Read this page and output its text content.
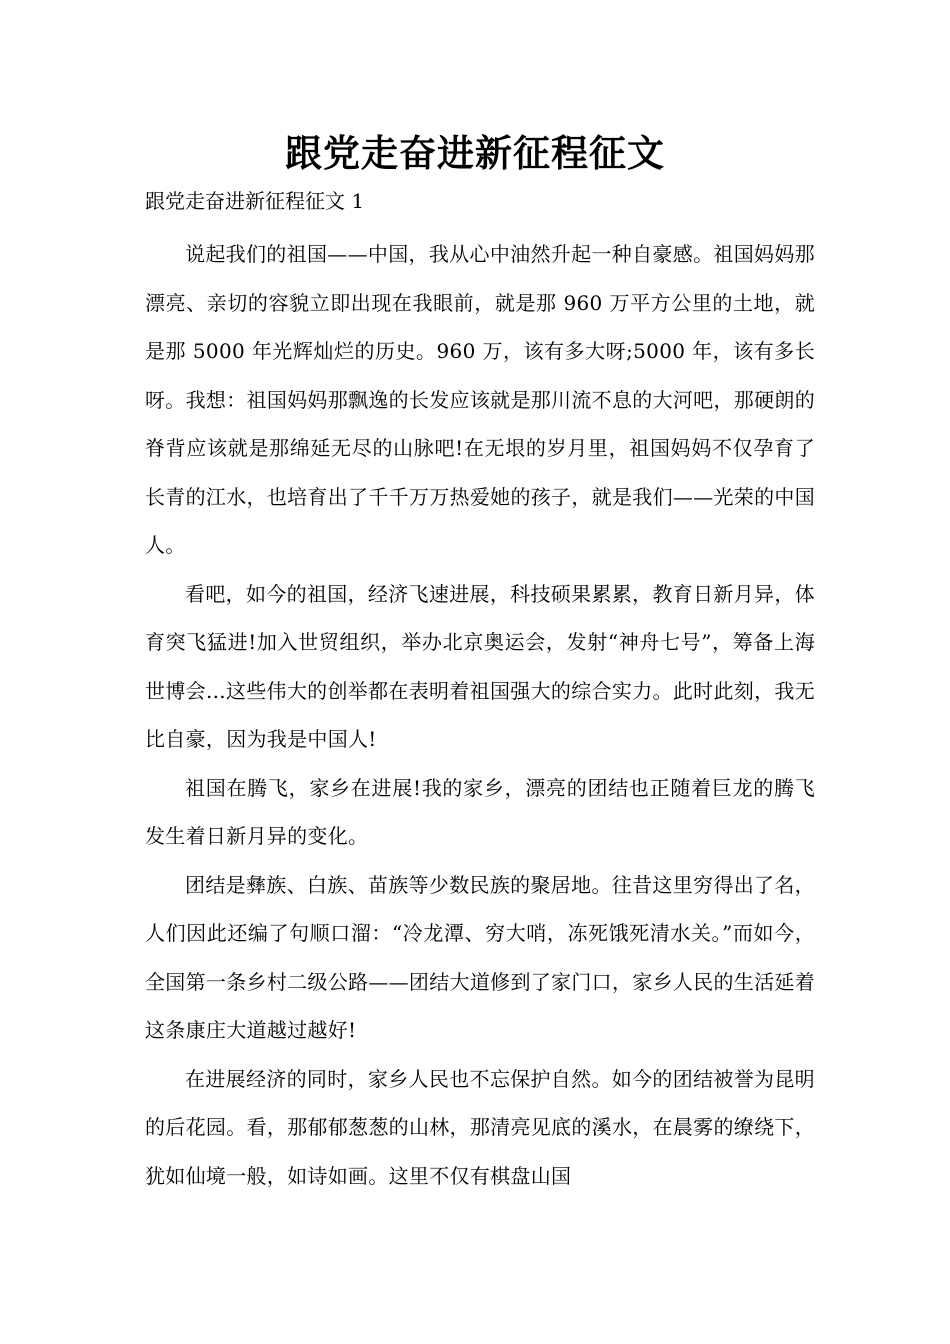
跟党走奋进新征程征文

跟党走奋进新征程征文 1

说起我们的祖国——中国，我从心中油然升起一种自豪感。祖国妈妈那漂亮、亲切的容貌立即出现在我眼前，就是那 960 万平方公里的土地，就是那 5000 年光辉灿烂的历史。960 万，该有多大呀;5000 年，该有多长呀。我想：祖国妈妈那飘逸的长发应该就是那川流不息的大河吧，那硬朗的脊背应该就是那绵延无尽的山脉吧!在无垠的岁月里，祖国妈妈不仅孕育了长青的江水，也培育出了千千万万热爱她的孩子，就是我们——光荣的中国人。

看吧，如今的祖国，经济飞速进展，科技硕果累累，教育日新月异，体育突飞猛进!加入世贸组织，举办北京奥运会，发射“神舟七号”，筹备上海世博会...这些伟大的创举都在表明着祖国强大的综合实力。此时此刻，我无比自豪，因为我是中国人!

祖国在腾飞，家乡在进展!我的家乡，漂亮的团结也正随着巨龙的腾飞发生着日新月异的变化。

团结是彝族、白族、苗族等少数民族的聚居地。往昔这里穷得出了名，人们因此还编了句顺口溜：“冷龙潭、穷大哨，冻死饿死清水关。”而如今，全国第一条乡村二级公路——团结大道修到了家门口，家乡人民的生活延着这条康庄大道越过越好!

在进展经济的同时，家乡人民也不忘保护自然。如今的团结被誉为昆明的后花园。看，那郁郁葱葱的山林，那清亮见底的溪水，在晨雾的缭绕下，犹如仙境一般，如诗如画。这里不仅有棋盘山国
